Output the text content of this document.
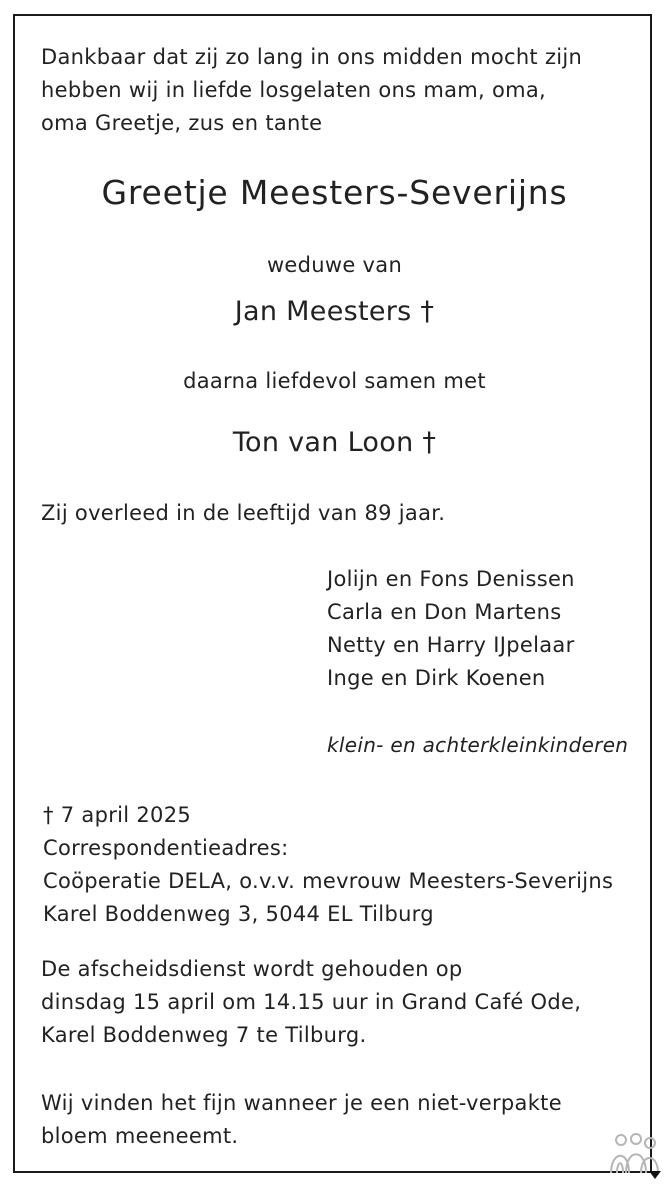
Dankbaar dat zij zo lang in ons midden mocht zijn
hebben wij in liefde losgelaten ons mam, oma,
oma Greetje, zus en tante
Greetje Meesters-Severijns
weduwe van
Jan Meesters †
daarna liefdevol samen met
Ton van Loon †
Zij overleed in de leeftijd van 89 jaar.
Jolijn en Fons Denissen
Carla en Don Martens
Netty en Harry IJpelaar
Inge en Dirk Koenen
klein- en achterkleinkinderen
† 7 april 2025
Correspondentieadres:
Coöperatie DELA, o.v.v. mevrouw Meesters-Severijns
Karel Boddenweg 3, 5044 EL Tilburg
De afscheidsdienst wordt gehouden op
dinsdag 15 april om 14.15 uur in Grand Café Ode,
Karel Boddenweg 7 te Tilburg.
Wij vinden het fijn wanneer je een niet-verpakte
bloem meeneemt.
